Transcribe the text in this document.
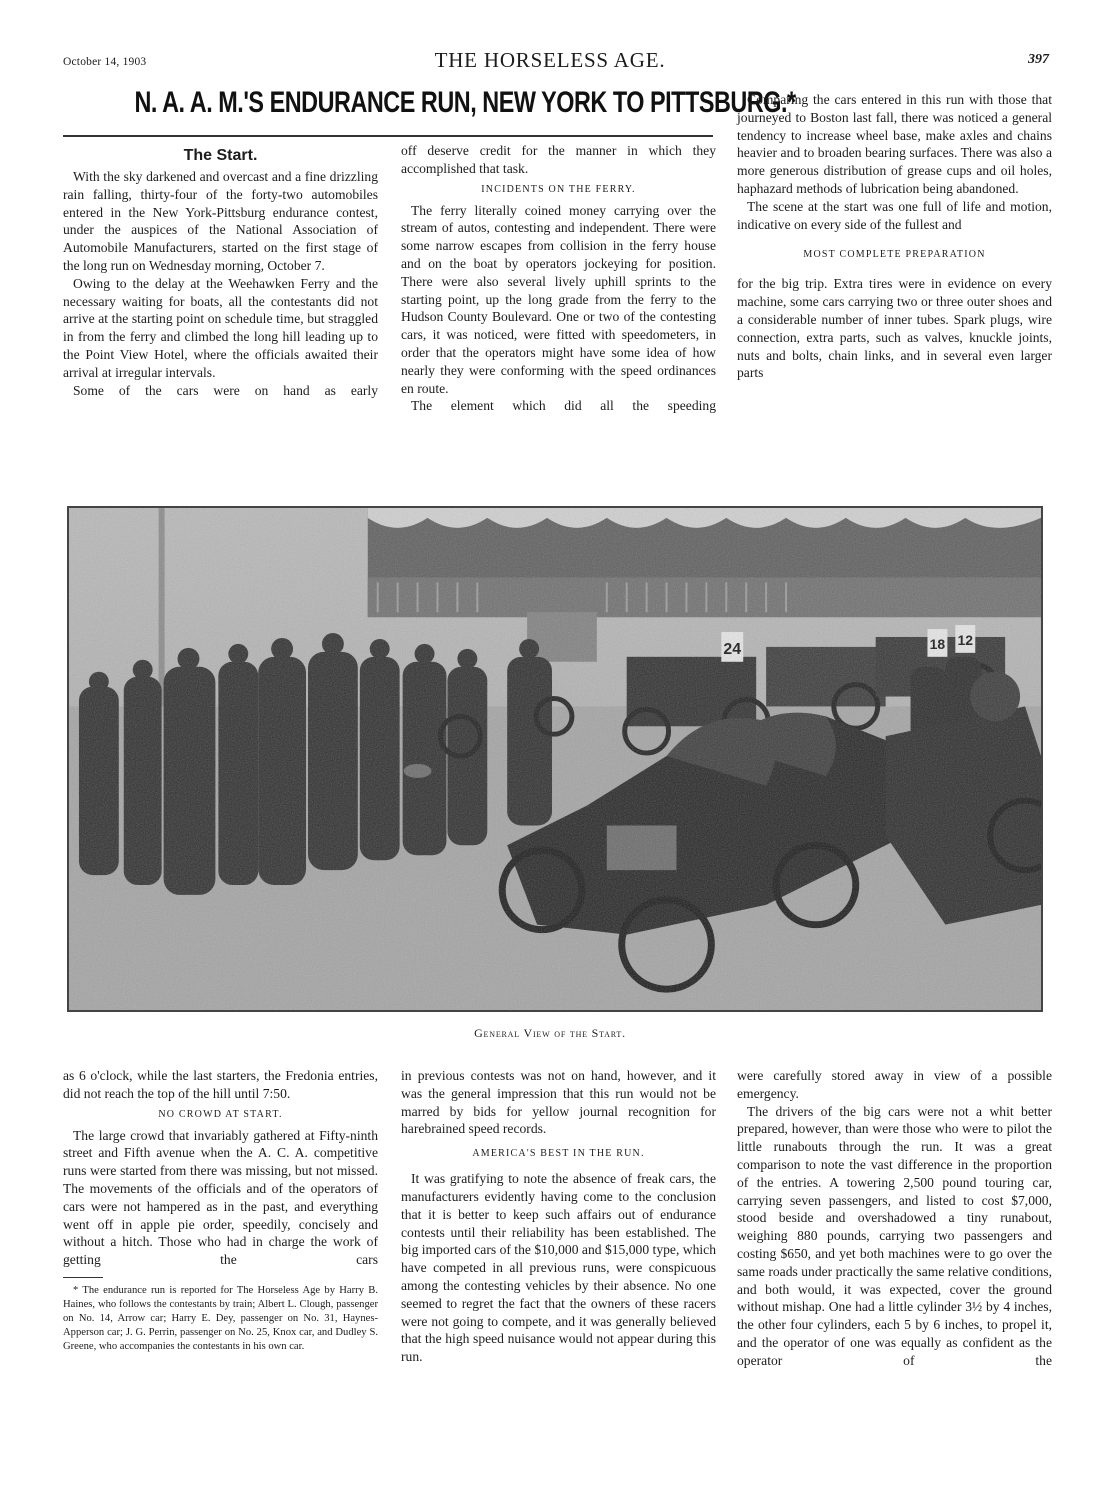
October 14, 1903	THE HORSELESS AGE.	397
N. A. A. M.'S ENDURANCE RUN, NEW YORK TO PITTSBURG.*
The Start.

With the sky darkened and overcast and a fine drizzling rain falling, thirty-four of the forty-two automobiles entered in the New York-Pittsburg endurance contest, under the auspices of the National Association of Automobile Manufacturers, started on the first stage of the long run on Wednesday morning, October 7.

Owing to the delay at the Weehawken Ferry and the necessary waiting for boats, all the contestants did not arrive at the starting point on schedule time, but straggled in from the ferry and climbed the long hill leading up to the Point View Hotel, where the officials awaited their arrival at irregular intervals.

Some of the cars were on hand as early

off deserve credit for the manner in which they accomplished that task.

INCIDENTS ON THE FERRY.

The ferry literally coined money carrying over the stream of autos, contesting and independent. There were some narrow escapes from collision in the ferry house and on the boat by operators jockeying for position. There were also several lively uphill sprints to the starting point, up the long grade from the ferry to the Hudson County Boulevard. One or two of the contesting cars, it was noticed, were fitted with speedometers, in order that the operators might have some idea of how nearly they were conforming with the speed ordinances en route.

The element which did all the speeding

Comparing the cars entered in this run with those that journeyed to Boston last fall, there was noticed a general tendency to increase wheel base, make axles and chains heavier and to broaden bearing surfaces. There was also a more generous distribution of grease cups and oil holes, haphazard methods of lubrication being abandoned.

The scene at the start was one full of life and motion, indicative on every side of the fullest and

MOST COMPLETE PREPARATION

for the big trip. Extra tires were in evidence on every machine, some cars carrying two or three outer shoes and a considerable number of inner tubes. Spark plugs, wire connection, extra parts, such as valves, knuckle joints, nuts and bolts, chain links, and in several even larger parts

General View of the Start.

as 6 o'clock, while the last starters, the Fredonia entries, did not reach the top of the hill until 7:50.

NO CROWD AT START.

The large crowd that invariably gathered at Fifty-ninth street and Fifth avenue when the A. C. A. competitive runs were started from there was missing, but not missed. The movements of the officials and of the operators of cars were not hampered as in the past, and everything went off in apple pie order, speedily, concisely and without a hitch. Those who had in charge the work of getting the cars

* The endurance run is reported for The Horseless Age by Harry B. Haines, who follows the contestants by train; Albert L. Clough, passenger on No. 14, Arrow car; Harry E. Dey, passenger on No. 31, Haynes-Apperson car; J. G. Perrin, passenger on No. 25, Knox car, and Dudley S. Greene, who accompanies the contestants in his own car.

in previous contests was not on hand, however, and it was the general impression that this run would not be marred by bids for yellow journal recognition for harebrained speed records.

AMERICA'S BEST IN THE RUN.

It was gratifying to note the absence of freak cars, the manufacturers evidently having come to the conclusion that it is better to keep such affairs out of endurance contests until their reliability has been established. The big imported cars of the $10,000 and $15,000 type, which have competed in all previous runs, were conspicuous among the contesting vehicles by their absence. No one seemed to regret the fact that the owners of these racers were not going to compete, and it was generally believed that the high speed nuisance would not appear during this run.

were carefully stored away in view of a possible emergency.

The drivers of the big cars were not a whit better prepared, however, than were those who were to pilot the little runabouts through the run. It was a great comparison to note the vast difference in the proportion of the entries. A towering 2,500 pound touring car, carrying seven passengers, and listed to cost $7,000, stood beside and overshadowed a tiny runabout, weighing 880 pounds, carrying two passengers and costing $650, and yet both machines were to go over the same roads under practically the same relative conditions, and both would, it was expected, cover the ground without mishap. One had a little cylinder 3½ by 4 inches, the other four cylinders, each 5 by 6 inches, to propel it, and the operator of one was equally as confident as the operator of the
